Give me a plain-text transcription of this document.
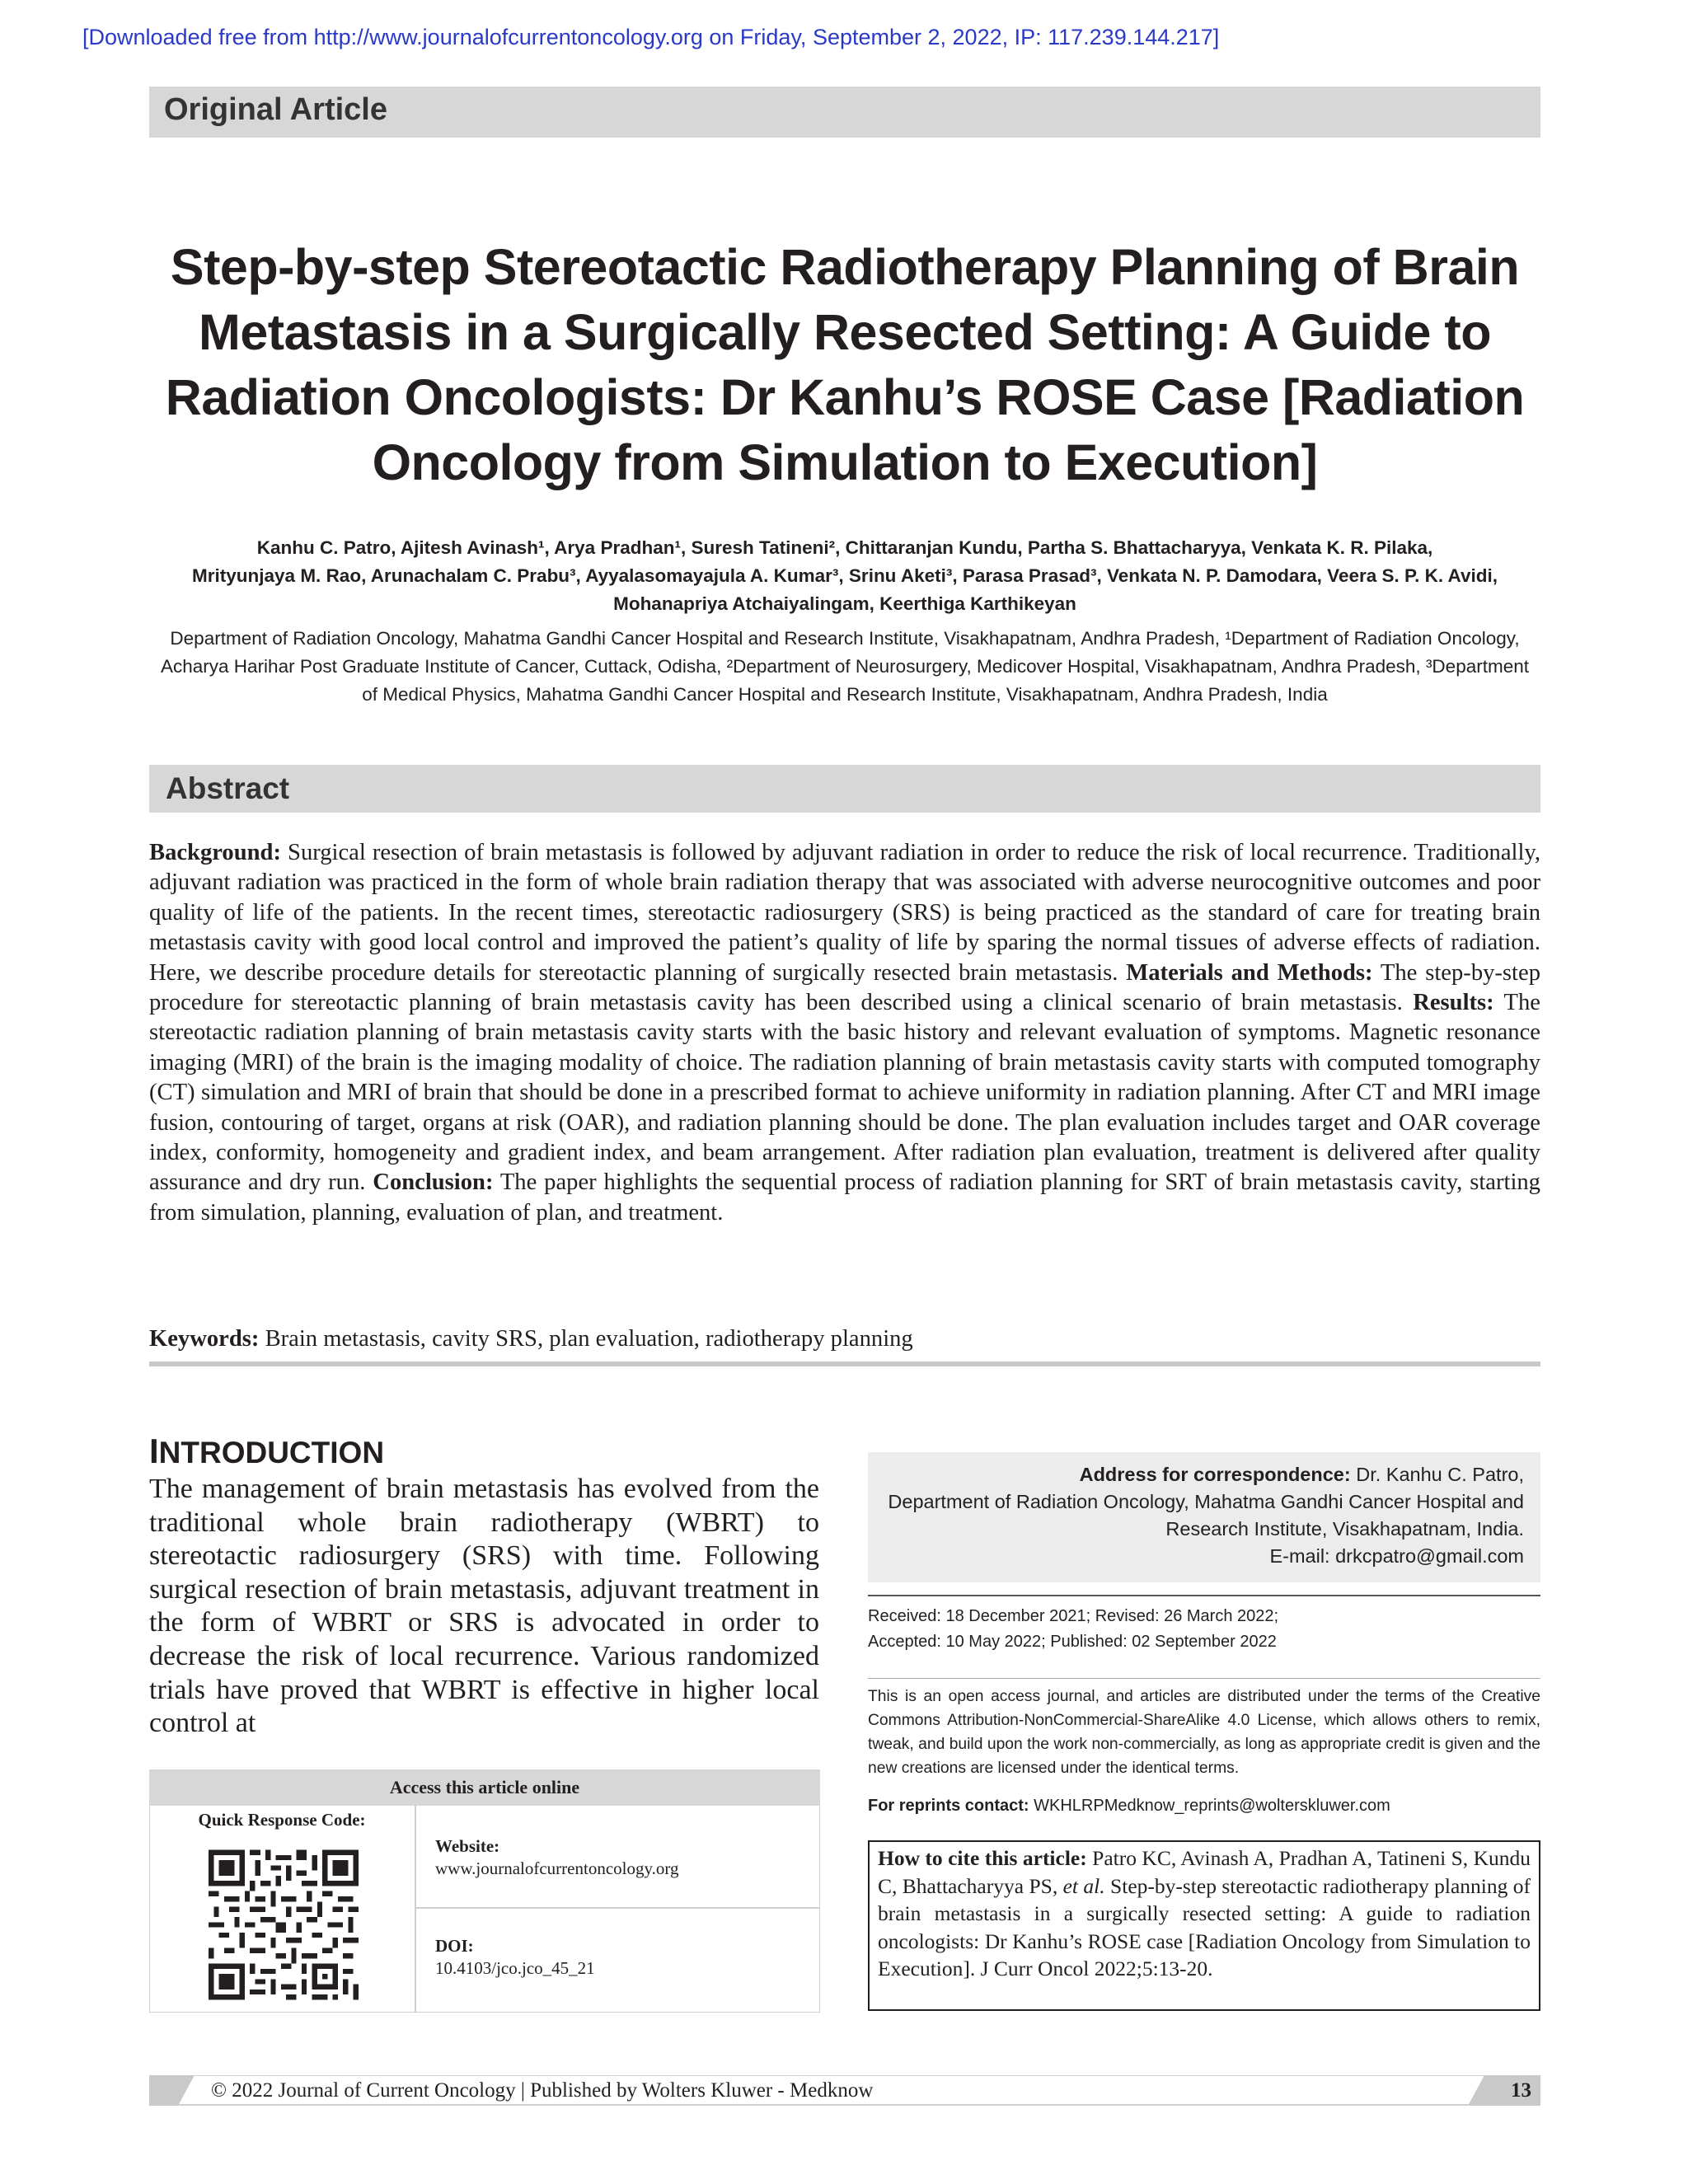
[Downloaded free from http://www.journalofcurrentoncology.org on Friday, September 2, 2022, IP: 117.239.144.217]
Original Article
Step-by-step Stereotactic Radiotherapy Planning of Brain Metastasis in a Surgically Resected Setting: A Guide to Radiation Oncologists: Dr Kanhu’s ROSE Case [Radiation Oncology from Simulation to Execution]
Kanhu C. Patro, Ajitesh Avinash¹, Arya Pradhan¹, Suresh Tatineni², Chittaranjan Kundu, Partha S. Bhattacharyya, Venkata K. R. Pilaka,
Mrityunjaya M. Rao, Arunachalam C. Prabu³, Ayyalasomayajula A. Kumar³, Srinu Aketi³, Parasa Prasad³, Venkata N. P. Damodara, Veera S. P. K. Avidi,
Mohanapriya Atchaiyalingam, Keerthiga Karthikeyan
Department of Radiation Oncology, Mahatma Gandhi Cancer Hospital and Research Institute, Visakhapatnam, Andhra Pradesh, ¹Department of Radiation Oncology,
Acharya Harihar Post Graduate Institute of Cancer, Cuttack, Odisha, ²Department of Neurosurgery, Medicover Hospital, Visakhapatnam, Andhra Pradesh, ³Department
of Medical Physics, Mahatma Gandhi Cancer Hospital and Research Institute, Visakhapatnam, Andhra Pradesh, India
Abstract
Background: Surgical resection of brain metastasis is followed by adjuvant radiation in order to reduce the risk of local recurrence. Traditionally, adjuvant radiation was practiced in the form of whole brain radiation therapy that was associated with adverse neurocognitive outcomes and poor quality of life of the patients. In the recent times, stereotactic radiosurgery (SRS) is being practiced as the standard of care for treating brain metastasis cavity with good local control and improved the patient’s quality of life by sparing the normal tissues of adverse effects of radiation. Here, we describe procedure details for stereotactic planning of surgically resected brain metastasis. Materials and Methods: The step-by-step procedure for stereotactic planning of brain metastasis cavity has been described using a clinical scenario of brain metastasis. Results: The stereotactic radiation planning of brain metastasis cavity starts with the basic history and relevant evaluation of symptoms. Magnetic resonance imaging (MRI) of the brain is the imaging modality of choice. The radiation planning of brain metastasis cavity starts with computed tomography (CT) simulation and MRI of brain that should be done in a prescribed format to achieve uniformity in radiation planning. After CT and MRI image fusion, contouring of target, organs at risk (OAR), and radiation planning should be done. The plan evaluation includes target and OAR coverage index, conformity, homogeneity and gradient index, and beam arrangement. After radiation plan evaluation, treatment is delivered after quality assurance and dry run. Conclusion: The paper highlights the sequential process of radiation planning for SRT of brain metastasis cavity, starting from simulation, planning, evaluation of plan, and treatment.
Keywords: Brain metastasis, cavity SRS, plan evaluation, radiotherapy planning
INTRODUCTION
The management of brain metastasis has evolved from the traditional whole brain radiotherapy (WBRT) to stereotactic radiosurgery (SRS) with time. Following surgical resection of brain metastasis, adjuvant treatment in the form of WBRT or SRS is advocated in order to decrease the risk of local recurrence. Various randomized trials have proved that WBRT is effective in higher local control at
Address for correspondence: Dr. Kanhu C. Patro,
Department of Radiation Oncology, Mahatma Gandhi Cancer Hospital and
Research Institute, Visakhapatnam, India.
E-mail: drkcpatro@gmail.com
Received: 18 December 2021; Revised: 26 March 2022;
Accepted: 10 May 2022; Published: 02 September 2022
This is an open access journal, and articles are distributed under the terms of the Creative Commons Attribution-NonCommercial-ShareAlike 4.0 License, which allows others to remix, tweak, and build upon the work non-commercially, as long as appropriate credit is given and the new creations are licensed under the identical terms.
For reprints contact: WKHLRPMedknow_reprints@wolterskluwer.com
How to cite this article: Patro KC, Avinash A, Pradhan A, Tatineni S, Kundu C, Bhattacharyya PS, et al. Step-by-step stereotactic radiotherapy planning of brain metastasis in a surgically resected setting: A guide to radiation oncologists: Dr Kanhu’s ROSE case [Radiation Oncology from Simulation to Execution]. J Curr Oncol 2022;5:13-20.
Access this article online
Quick Response Code:
Website:
www.journalofcurrentoncology.org
DOI:
10.4103/jco.jco_45_21
© 2022 Journal of Current Oncology | Published by Wolters Kluwer - Medknow	13
